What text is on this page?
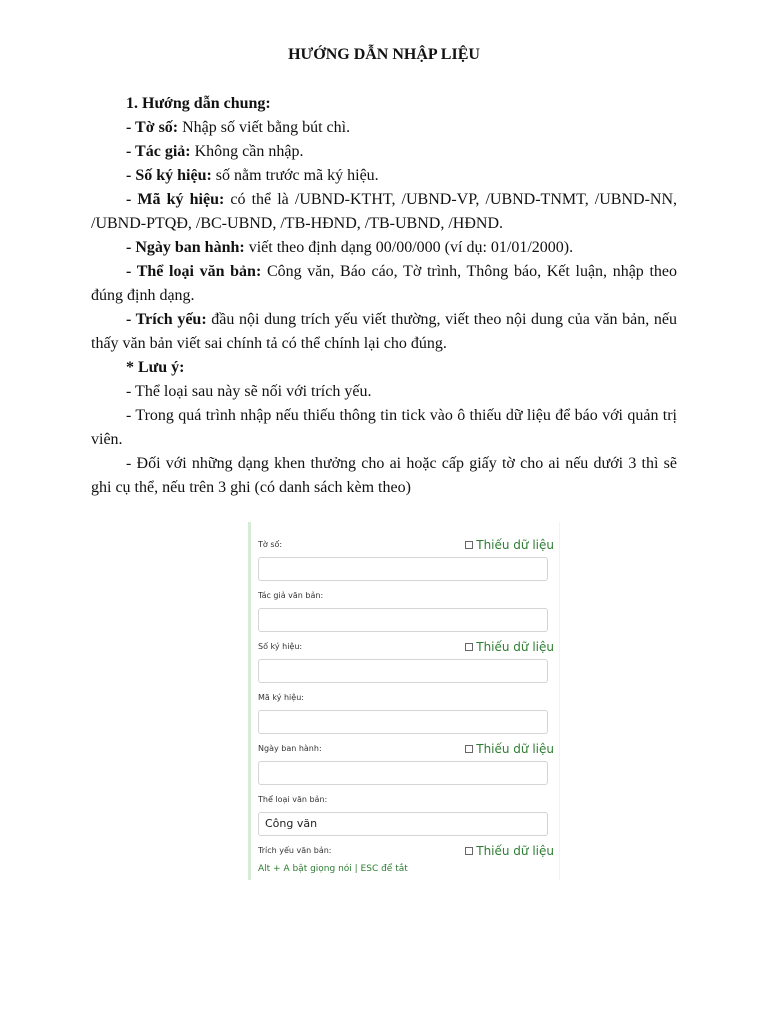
HƯỚNG DẪN NHẬP LIỆU

1. Hướng dẫn chung:

- Tờ số: Nhập số viết bằng bút chì.

- Tác giả: Không cần nhập.

- Số ký hiệu: số nằm trước mã ký hiệu.

- Mã ký hiệu: có thể là /UBND-KTHT, /UBND-VP, /UBND-TNMT, /UBND-NN, /UBND-PTQĐ, /BC-UBND, /TB-HĐND, /TB-UBND, /HĐND.

- Ngày ban hành: viết theo định dạng 00/00/000 (ví dụ: 01/01/2000).

- Thể loại văn bản: Công văn, Báo cáo, Tờ trình, Thông báo, Kết luận, nhập theo đúng định dạng.

- Trích yếu: đầu nội dung trích yếu viết thường, viết theo nội dung của văn bản, nếu thấy văn bản viết sai chính tả có thể chính lại cho đúng.

* Lưu ý:

- Thể loại sau này sẽ nối với trích yếu.

- Trong quá trình nhập nếu thiếu thông tin tick vào ô thiếu dữ liệu để báo với quản trị viên.

- Đối với những dạng khen thưởng cho ai hoặc cấp giấy tờ cho ai nếu dưới 3 thì sẽ ghi cụ thể, nếu trên 3 ghi (có danh sách kèm theo)

Tờ số:	Thiếu dữ liệu
Tác giả văn bản:
Số ký hiệu:	Thiếu dữ liệu
Mã ký hiệu:
Ngày ban hành:	Thiếu dữ liệu
Thể loại văn bản:
Công văn
Trích yếu văn bản:	Thiếu dữ liệu
Alt + A bật giọng nói | ESC để tắt
